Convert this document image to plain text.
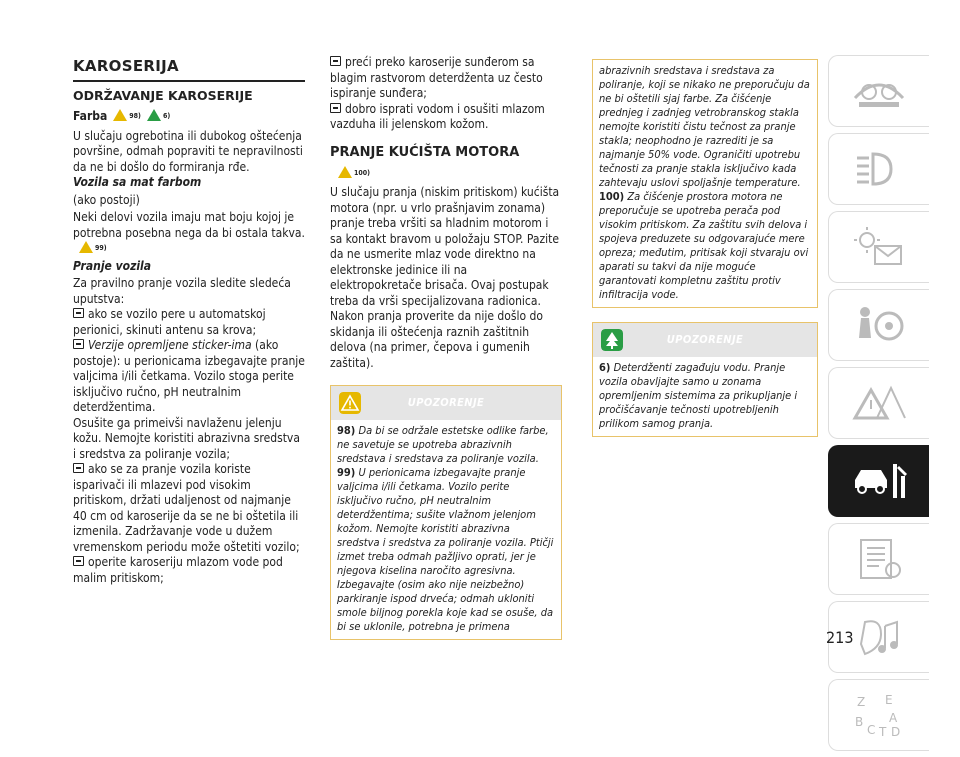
KAROSERIJA
ODRŽAVANJE KAROSERIJE

Farba	$^{98)}$	$^{6)}$

U slučaju ogrebotina ili dubokog oštećenja površine, odmah popraviti te nepravilnosti da ne bi došlo do formiranja rđe.

Vozila sa mat farbom

(ako postoji)

Neki delovi vozila imaju mat boju kojoj je potrebna posebna nega da bi ostala takva.$^{99)}$

Pranje vozila

Za pravilno pranje vozila sledite sledeća uputstva:

ako se vozilo pere u automatskoj perionici, skinuti antenu sa krova;

Verzije opremljene sticker-ima (ako postoje): u perionicama izbegavajte pranje valjcima i/ili četkama. Vozilo stoga perite isključivo ručno, pH neutralnim deterdžentima.

Osušite ga primeivši navlaženu jelenju kožu. Nemojte koristiti abrazivna sredstva i sredstva za poliranje vozila;

ako se za pranje vozila koriste isparivači ili mlazevi pod visokim pritiskom, držati udaljenost od najmanje 40 cm od karoserije da se ne bi oštetila ili izmenila. Zadržavanje vode u dužem vremenskom periodu može oštetiti vozilo;

operite karoseriju mlazom vode pod malim pritiskom;

preći preko karoserije sunđerom sa blagim rastvorom deterdženta uz često ispiranje sunđera;

dobro isprati vodom i osušiti mlazom vazduha ili jelenskom kožom.

PRANJE KUĆIŠTA MOTORA

$^{100)}$

U slučaju pranja (niskim pritiskom) kućišta motora (npr. u vrlo prašnjavim zonama) pranje treba vršiti sa hladnim motorom i sa kontakt bravom u položaju STOP. Pazite da ne usmerite mlaz vode direktno na elektronske jedinice ili na elektropokretače brisača. Ovaj postupak treba da vrši specijalizovana radionica. Nakon pranja proverite da nije došlo do skidanja ili oštećenja raznih zaštitnih delova (na primer, čepova i gumenih zaštita).

UPOZORENJE

98) Da bi se održale estetske odlike farbe, ne savetuje se upotreba abrazivnih sredstava i sredstava za poliranje vozila.

99) U perionicama izbegavajte pranje valjcima i/ili četkama. Vozilo perite isključivo ručno, pH neutralnim deterdžentima; sušite vlažnom jelenjom kožom. Nemojte koristiti abrazivna sredstva i sredstva za poliranje vozila. Ptičji izmet treba odmah pažljivo oprati, jer je njegova kiselina naročito agresivna. Izbegavajte (osim ako nije neizbežno) parkiranje ispod drveća; odmah ukloniti smole biljnog porekla koje kad se osuše, da bi se uklonile, potrebna je primena

abrazivnih sredstava i sredstava za poliranje, koji se nikako ne preporučuju da ne bi oštetili sjaj farbe. Za čišćenje prednjeg i zadnjeg vetrobranskog stakla nemojte koristiti čistu tečnost za pranje stakla; neophodno je razrediti je sa najmanje 50% vode. Ograničiti upotrebu tečnosti za pranje stakla isključivo kada zahtevaju uslovi spoljašnje temperature.

100) Za čišćenje prostora motora ne preporučuje se upotreba perača pod visokim pritiskom. Za zaštitu svih delova i spojeva preduzete su odgovarajuće mere opreza; međutim, pritisak koji stvaraju ovi aparati su takvi da nije moguće garantovati kompletnu zaštitu protiv infiltracija vode.

UPOZORENJE

6) Deterdženti zagađuju vodu. Pranje vozila obavljajte samo u zonama opremljenim sistemima za prikupljanje i pročišćavanje tečnosti upotrebljenih prilikom samog pranja.

Z E
B A
C T D
213
